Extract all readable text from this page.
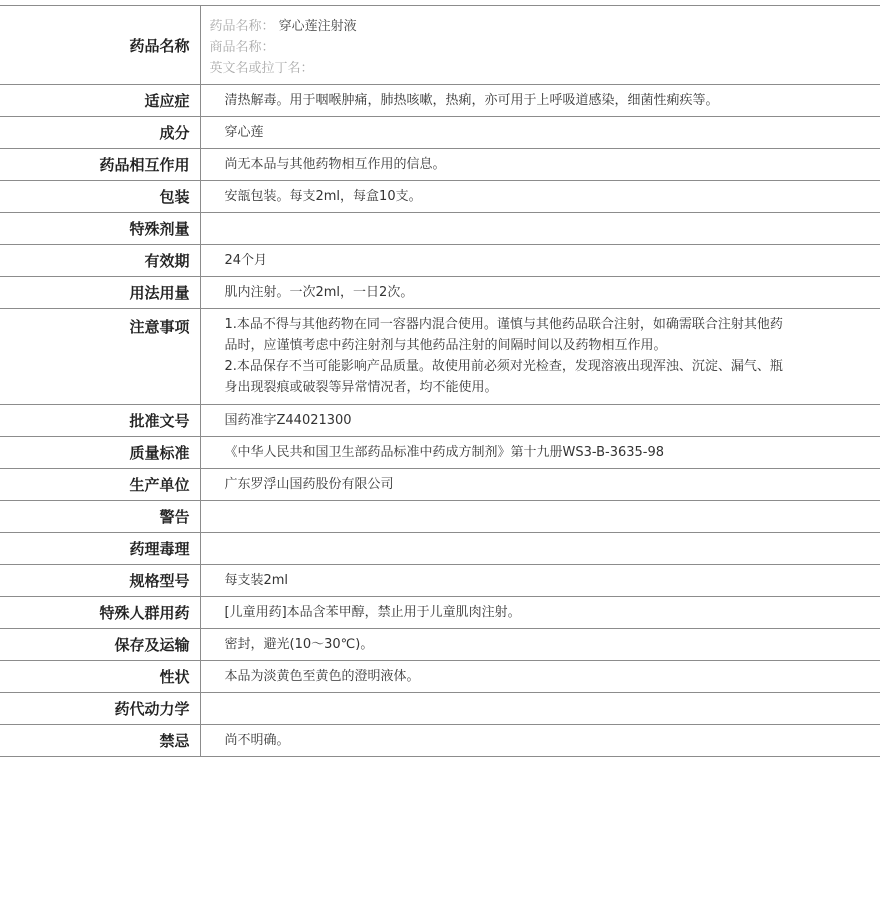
药品名称	药品名称： 穿心莲注射液
商品名称：
英文名或拉丁名：

适应症	清热解毒。用于咽喉肿痛，肺热咳嗽，热痢，亦可用于上呼吸道感染，细菌性痢疾等。
成分	穿心莲
药品相互作用	尚无本品与其他药物相互作用的信息。
包装	安瓿包装。每支2ml，每盒10支。
特殊剂量	
有效期	24个月
用法用量	肌内注射。一次2ml，一日2次。
注意事项	1.本品不得与其他药物在同一容器内混合使用。谨慎与其他药品联合注射，如确需联合注射其他药品时，应谨慎考虑中药注射剂与其他药品注射的间隔时间以及药物相互作用。
2.本品保存不当可能影响产品质量。故使用前必须对光检查，发现溶液出现浑浊、沉淀、漏气、瓶身出现裂痕或破裂等异常情况者，均不能使用。

批准文号	国药准字Z44021300
质量标准	《中华人民共和国卫生部药品标准中药成方制剂》第十九册WS3-B-3635-98
生产单位	广东罗浮山国药股份有限公司
警告	
药理毒理	
规格型号	每支装2ml
特殊人群用药	[儿童用药]本品含苯甲醇，禁止用于儿童肌肉注射。
保存及运输	密封，避光(10～30℃)。
性状	本品为淡黄色至黄色的澄明液体。
药代动力学	
禁忌	尚不明确。
